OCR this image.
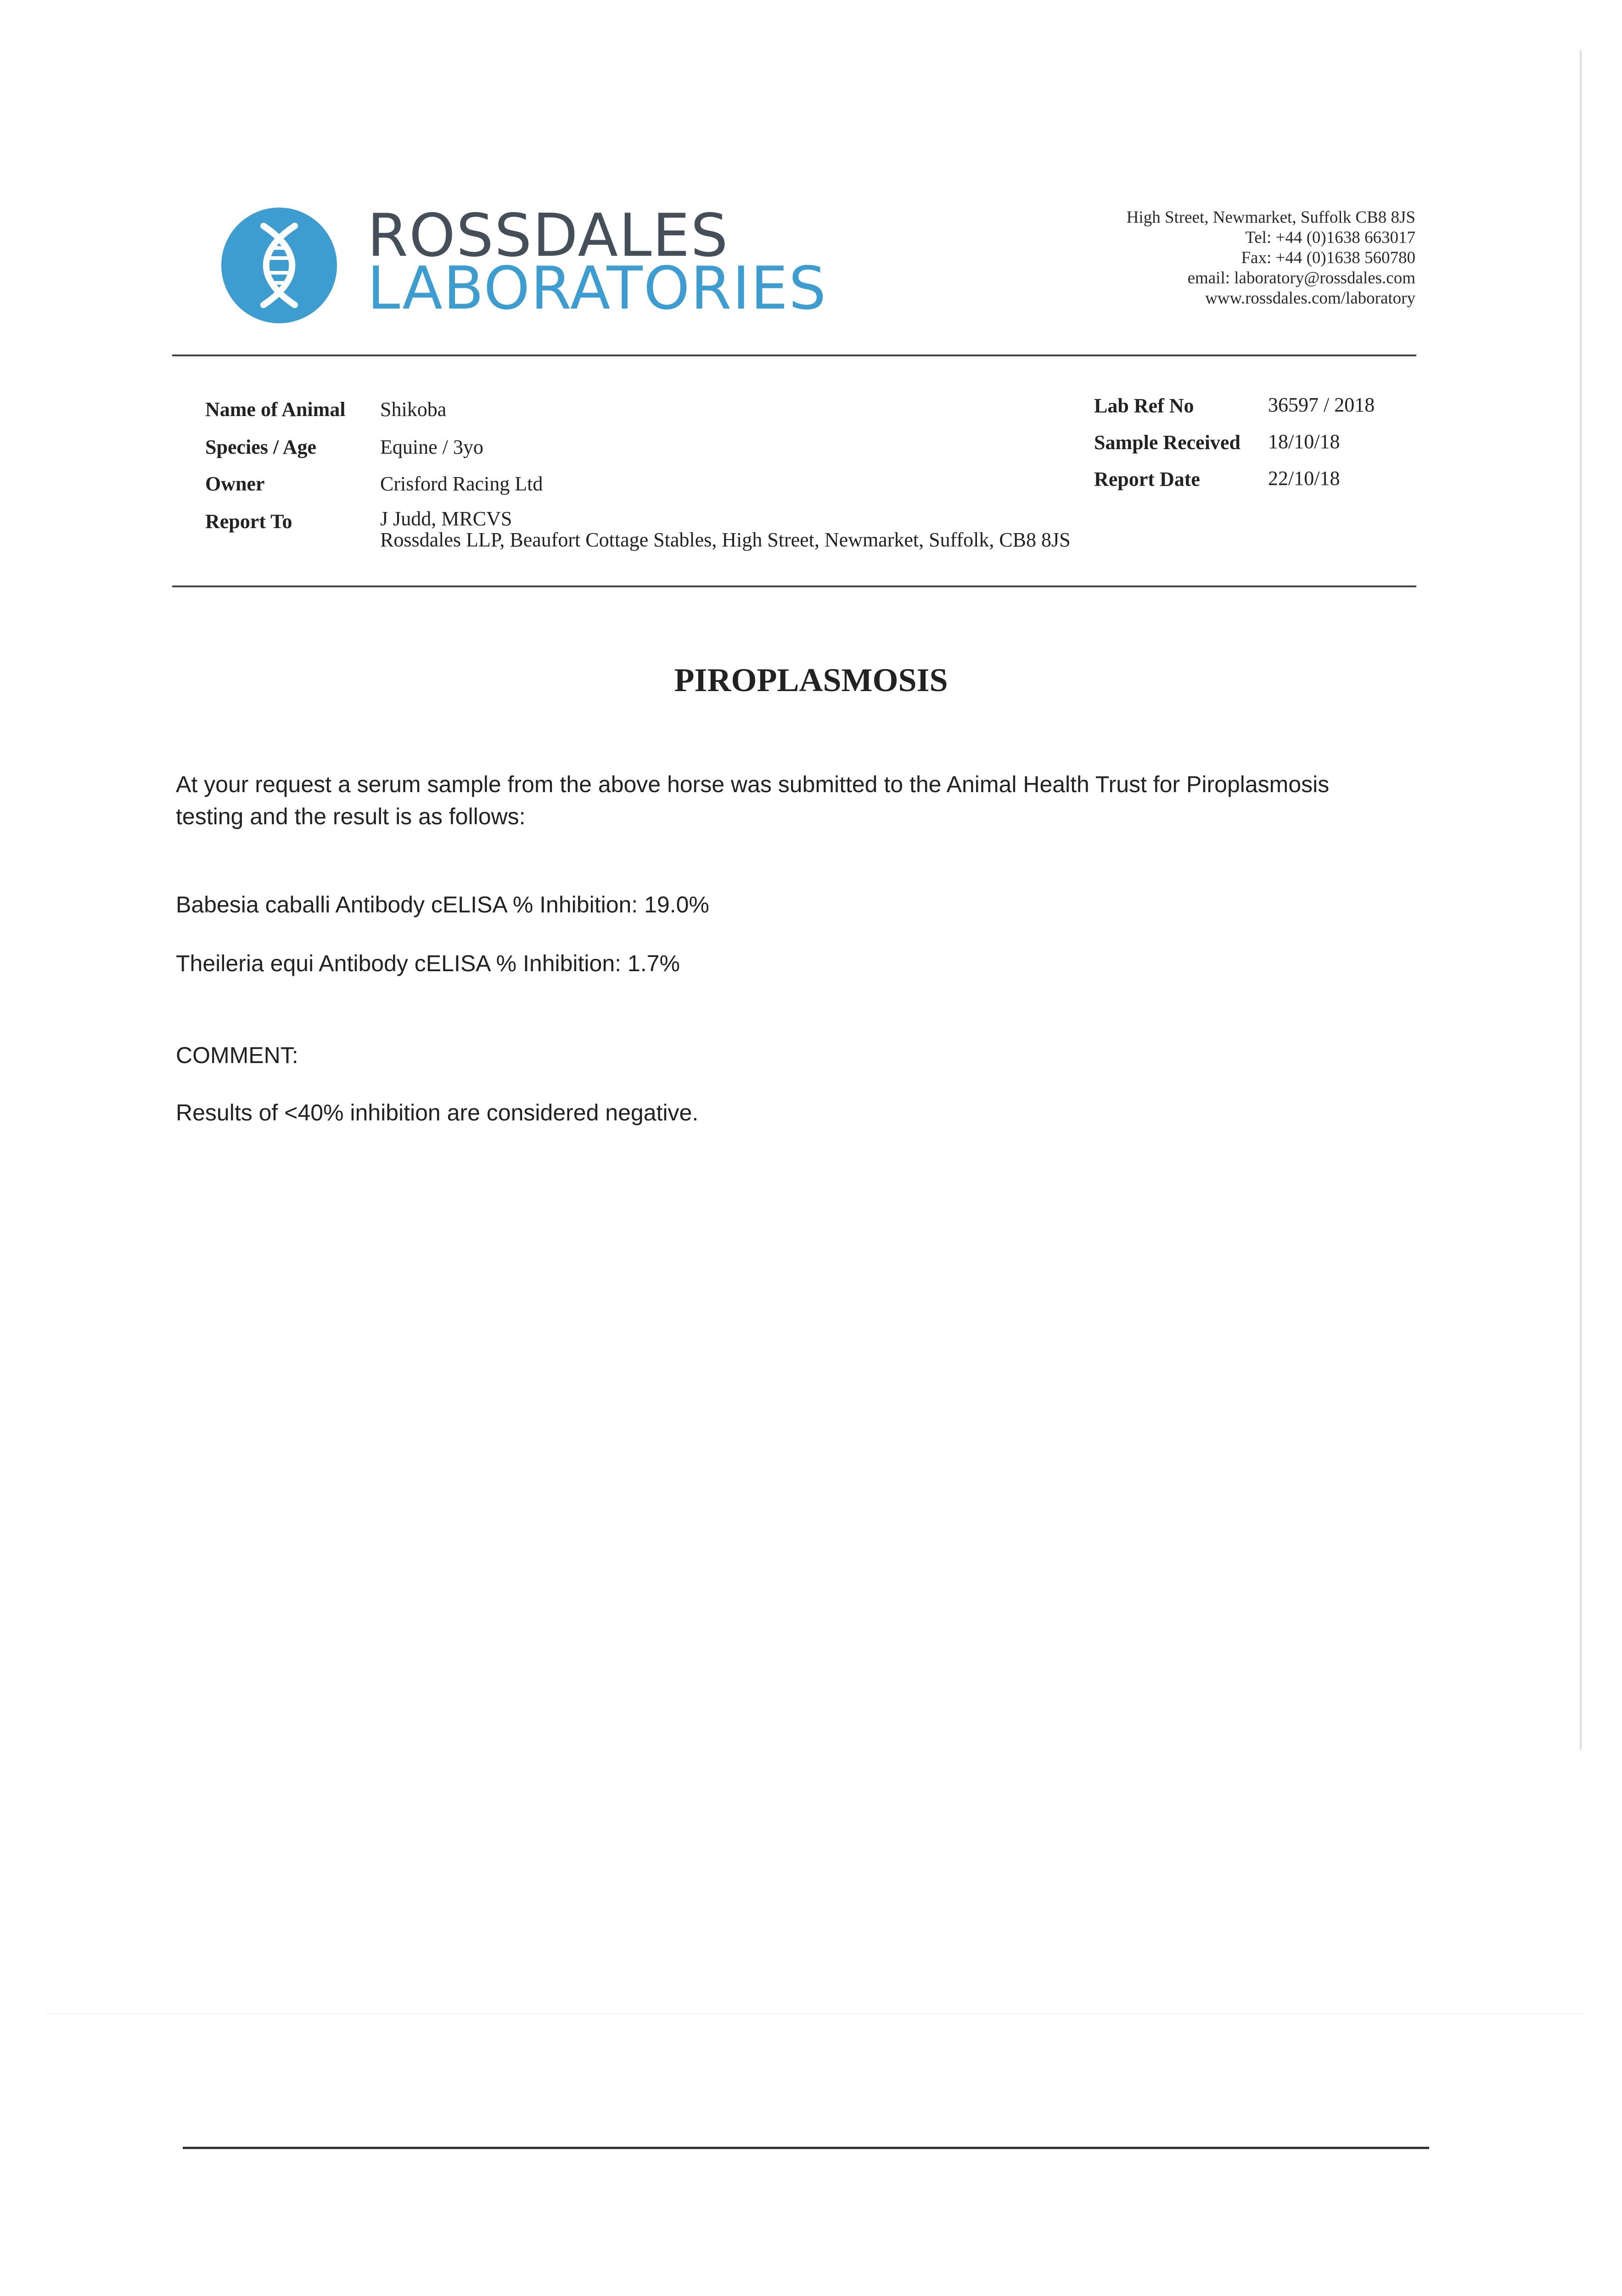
ROSSDALES
LABORATORIES
High Street, Newmarket, Suffolk CB8 8JS
Tel: +44 (0)1638 663017
Fax: +44 (0)1638 560780
email: laboratory@rossdales.com
www.rossdales.com/laboratory
Name of Animal Shikoba
Species / Age	Equine / 3yo
Owner	Crisford Racing Ltd
Report To	J Judd, MRCVS
Rossdales LLP, Beaufort Cottage Stables, High Street, Newmarket, Suffolk, CB8 8JS
Lab Ref No	36597 / 2018
Sample Received 18/10/18
Report Date	22/10/18
PIROPLASMOSIS
At your request a serum sample from the above horse was submitted to the Animal Health Trust for Piroplasmosis
testing and the result is as follows:
Babesia caballi Antibody cELISA % Inhibition: 19.0%
Theileria equi Antibody cELISA % Inhibition: 1.7%
COMMENT:
Results of <40% inhibition are considered negative.
